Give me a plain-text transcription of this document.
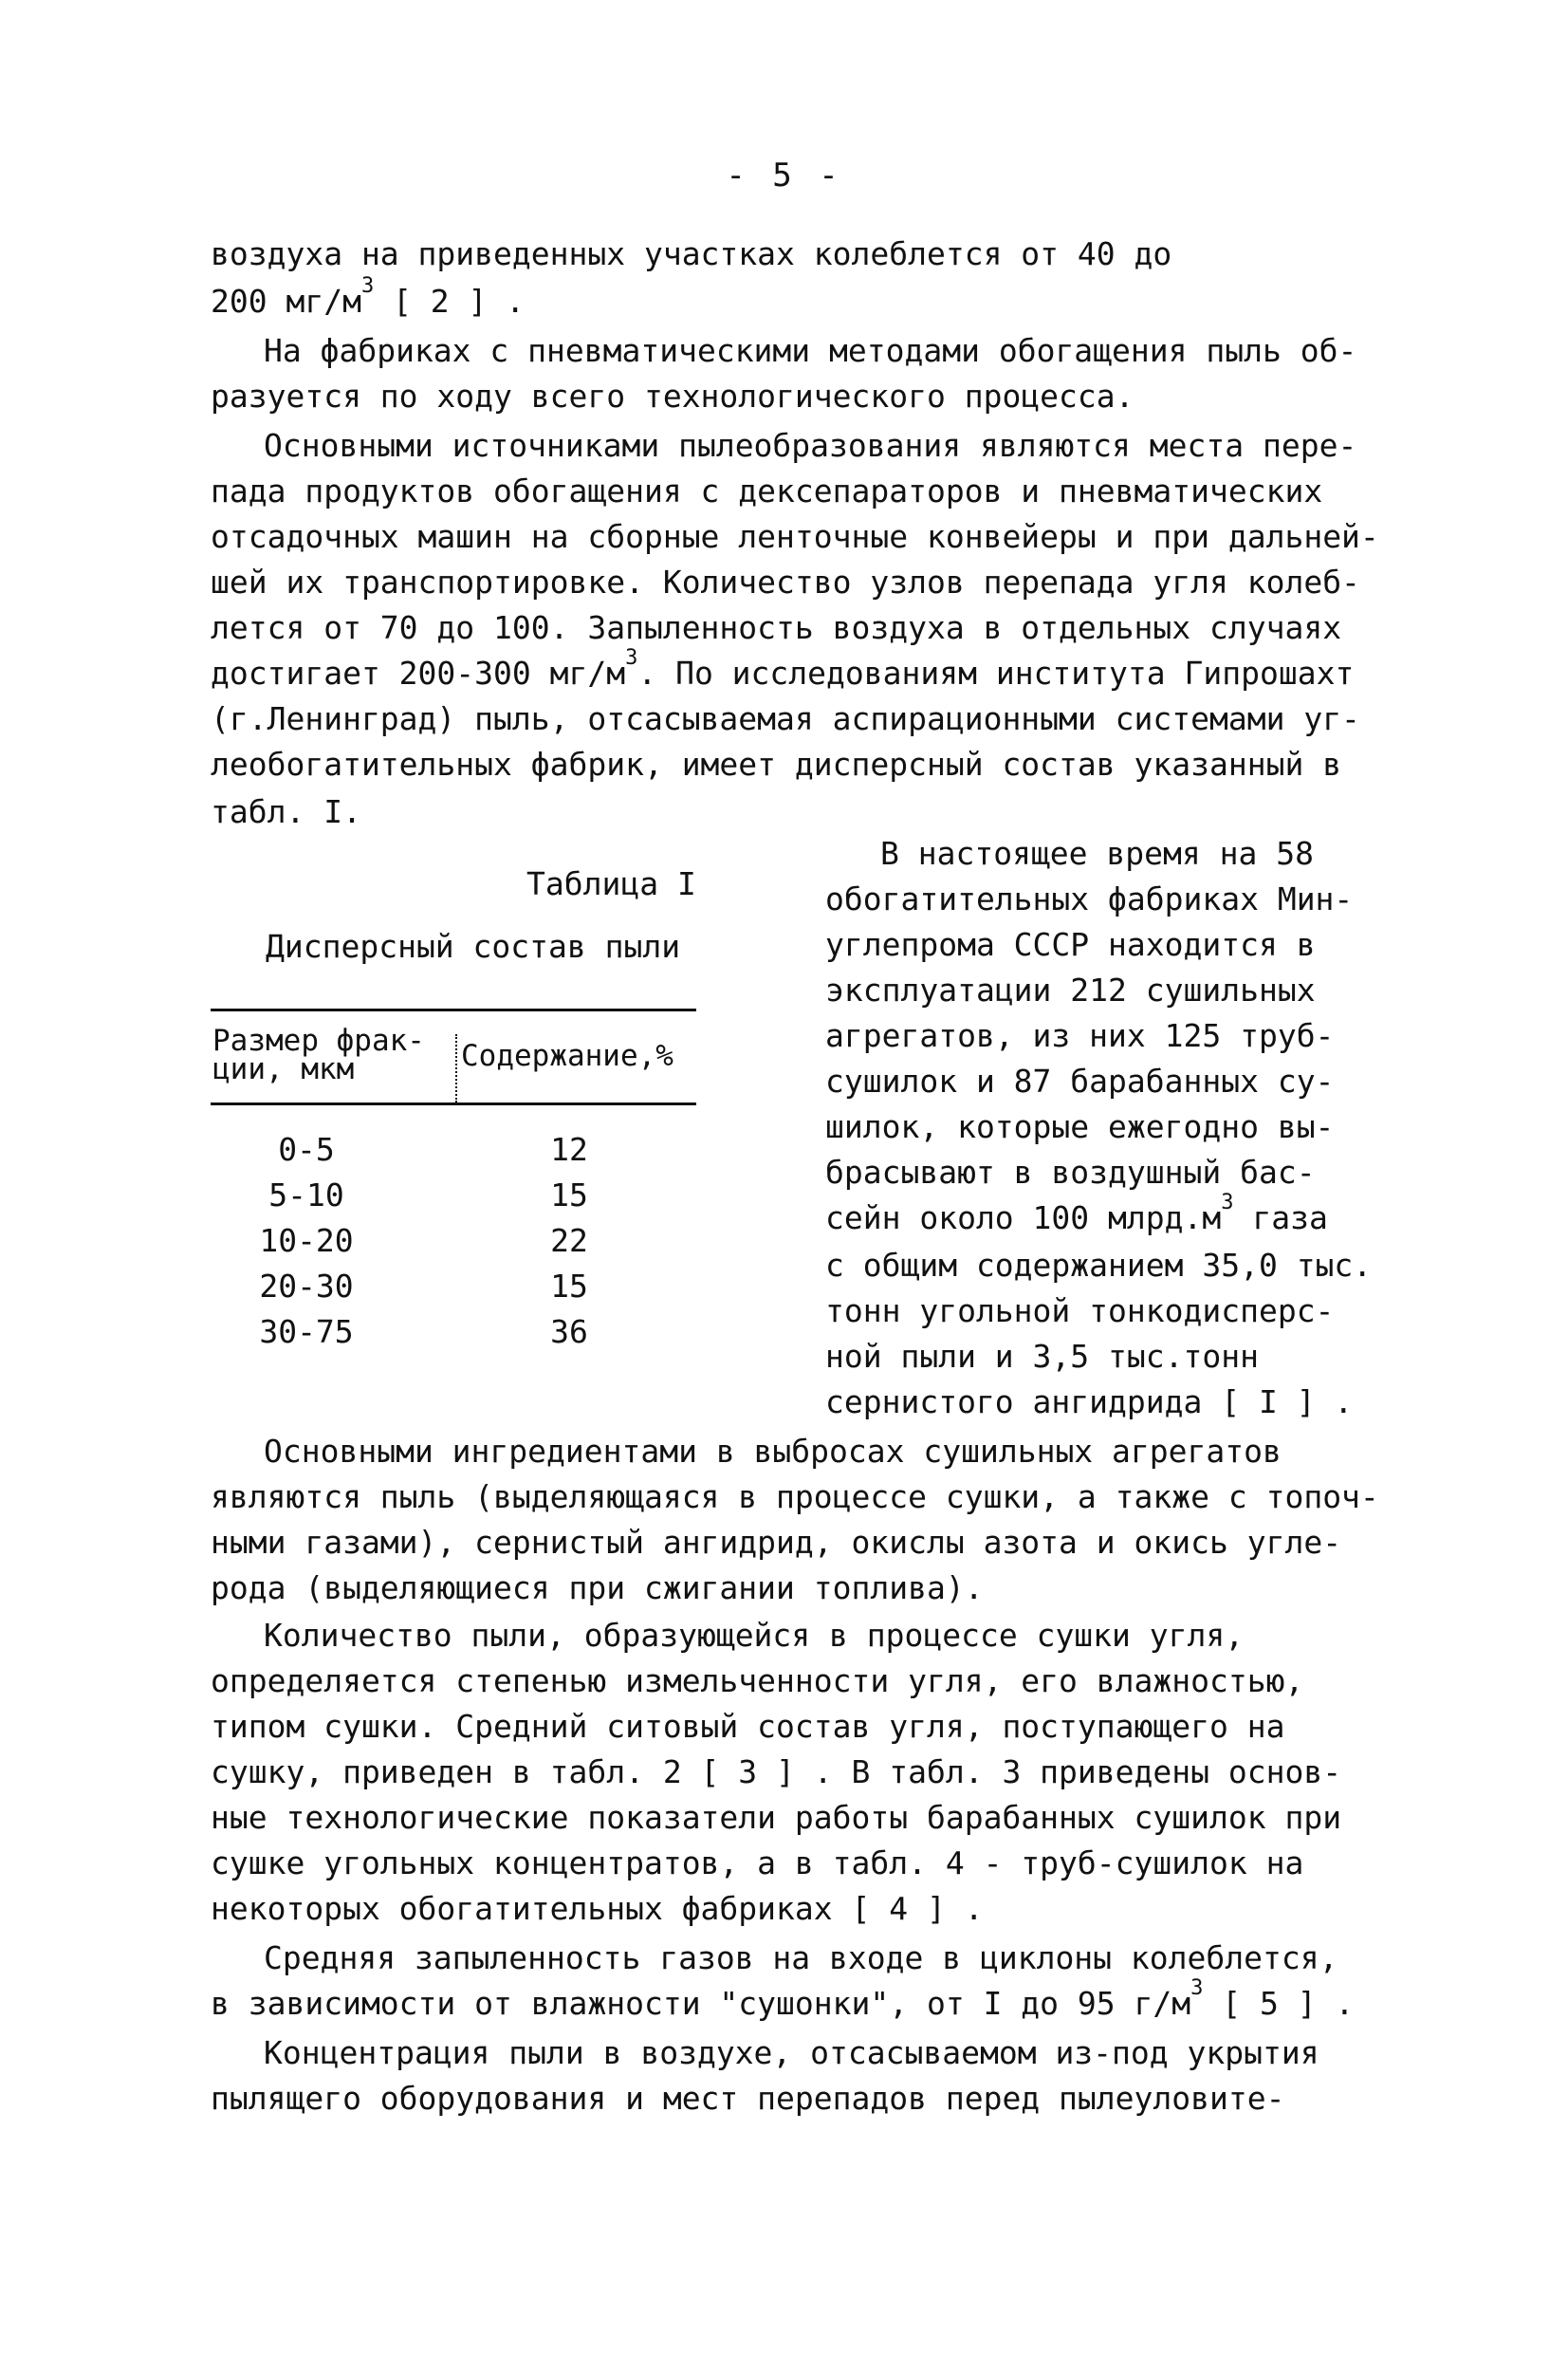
- 5 -
воздуха на приведенных участках колеблется от 40 до
200 $мг/м^3$ [ 2 ] .
На фабриках с пневматическими методами обогащения пыль об-
разуется по ходу всего технологического процесса.
Основными источниками пылеобразования являются места пере-
пада продуктов обогащения с дексепараторов и пневматических
отсадочных машин на сборные ленточные конвейеры и при дальней-
шей их транспортировке. Количество узлов перепада угля колеб-
лется от 70 до 100. Запыленность воздуха в отдельных случаях
достигает 200-300 $мг/м^3$. По исследованиям института Гипрошахт
(г.Ленинград) пыль, отсасываемая аспирационными системами уг-
леобогатительных фабрик, имеет дисперсный состав указанный в
табл. I.
Таблица I
Дисперсный состав пыли
Размер фрак-
ции, мкм	Содержание,%
0-5	12
5-10	15
10-20	22
20-30	15
30-75	36
В настоящее время на 58
обогатительных фабриках Мин-
углепрома СССР находится в
эксплуатации 212 сушильных
агрегатов, из них 125 труб-
сушилок и 87 барабанных су-
шилок, которые ежегодно вы-
брасывают в воздушный бас-
сейн около 100 $млрд.м^3$ газа
с общим содержанием 35,0 тыс.
тонн угольной тонкодисперс-
ной пыли и 3,5 тыс.тонн
сернистого ангидрида [ I ] .
Основными ингредиентами в выбросах сушильных агрегатов
являются пыль (выделяющаяся в процессе сушки, а также с топоч-
ными газами), сернистый ангидрид, окислы азота и окись угле-
рода (выделяющиеся при сжигании топлива).
Количество пыли, образующейся в процессе сушки угля,
определяется степенью измельченности угля, его влажностью,
типом сушки. Средний ситовый состав угля, поступающего на
сушку, приведен в табл. 2 [ 3 ] . В табл. 3 приведены основ-
ные технологические показатели работы барабанных сушилок при
сушке угольных концентратов, а в табл. 4 - труб-сушилок на
некоторых обогатительных фабриках [ 4 ] .
Средняя запыленность газов на входе в циклоны колеблется,
в зависимости от влажности "сушонки", от I до 95 $г/м^3$ [ 5 ] .
Концентрация пыли в воздухе, отсасываемом из-под укрытия
пылящего оборудования и мест перепадов перед пылеуловите-
